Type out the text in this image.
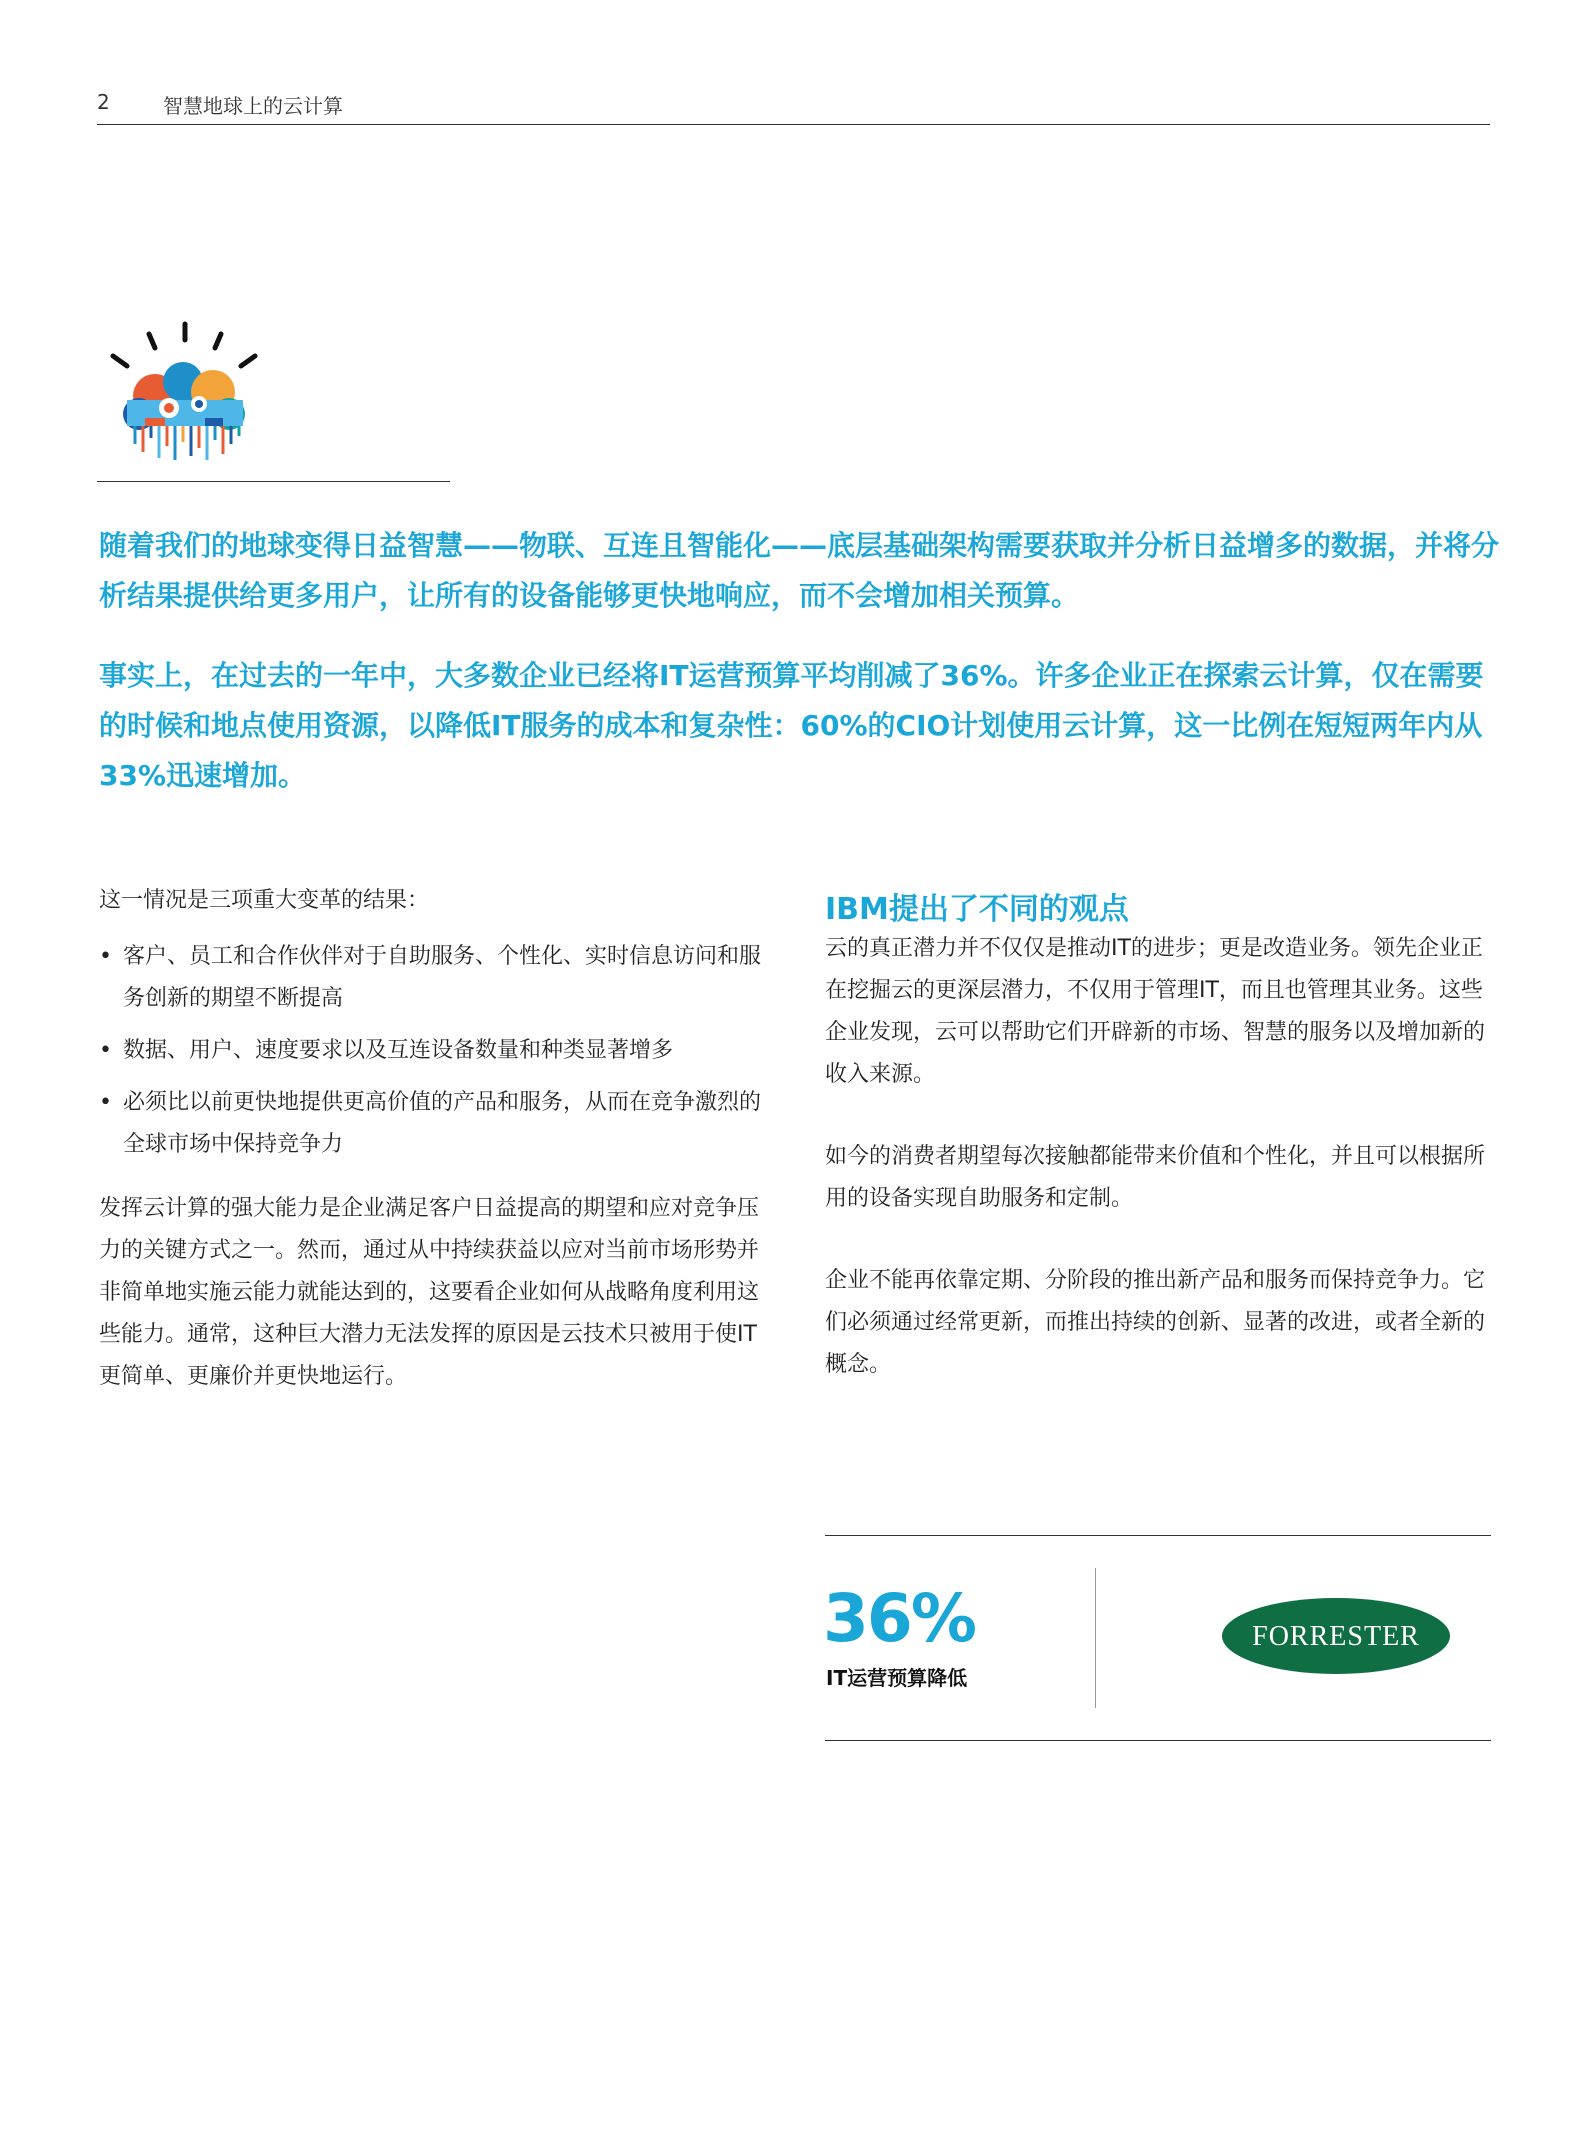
2	智慧地球上的云计算
随着我们的地球变得日益智慧——物联、互连且智能化——底层基础架构需要获取并分析日益增多的数据，并将分析结果提供给更多用户，让所有的设备能够更快地响应，而不会增加相关预算。
事实上，在过去的一年中，大多数企业已经将IT运营预算平均削减了36%。许多企业正在探索云计算，仅在需要的时候和地点使用资源，以降低IT服务的成本和复杂性：60%的CIO计划使用云计算，这一比例在短短两年内从33%迅速增加。
这一情况是三项重大变革的结果：
• 客户、员工和合作伙伴对于自助服务、个性化、实时信息访问和服务创新的期望不断提高
• 数据、用户、速度要求以及互连设备数量和种类显著增多
• 必须比以前更快地提供更高价值的产品和服务，从而在竞争激烈的全球市场中保持竞争力
发挥云计算的强大能力是企业满足客户日益提高的期望和应对竞争压力的关键方式之一。然而，通过从中持续获益以应对当前市场形势并非简单地实施云能力就能达到的，这要看企业如何从战略角度利用这些能力。通常，这种巨大潜力无法发挥的原因是云技术只被用于使IT更简单、更廉价并更快地运行。
IBM提出了不同的观点

云的真正潜力并不仅仅是推动IT的进步；更是改造业务。领先企业正在挖掘云的更深层潜力，不仅用于管理IT，而且也管理其业务。这些企业发现，云可以帮助它们开辟新的市场、智慧的服务以及增加新的收入来源。

如今的消费者期望每次接触都能带来价值和个性化，并且可以根据所用的设备实现自助服务和定制。

企业不能再依靠定期、分阶段的推出新产品和服务而保持竞争力。它们必须通过经常更新，而推出持续的创新、显著的改进，或者全新的概念。

36%
IT运营预算降低
FORRESTER
